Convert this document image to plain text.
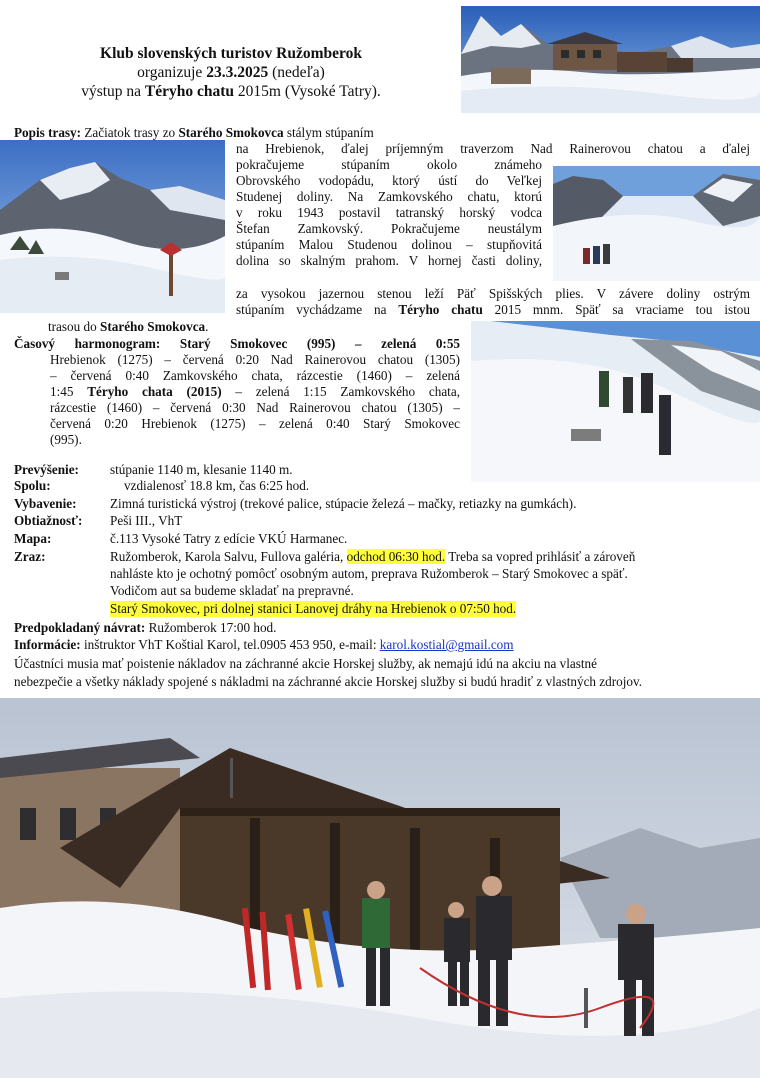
Klub slovenských turistov Ružomberok
organizuje 23.3.2025 (nedeľa)
výstup na Téryho chatu 2015m (Vysoké Tatry).
Popis trasy: Začiatok trasy zo Starého Smokovca stálym stúpaním
na Hrebienok, ďalej príjemným traverzom Nad Rainerovou chatou a ďalej
pokračujeme stúpaním okolo známeho
Obrovského vodopádu, ktorý ústí do Veľkej
Studenej doliny. Na Zamkovského chatu, ktorú
v roku 1943 postavil tatranský horský vodca
Štefan Zamkovský. Pokračujeme neustálym
stúpaním Malou Studenou dolinou – stupňovitá
dolina so skalným prahom. V hornej časti doliny,
za vysokou jazernou stenou leží Päť Spišských plies. V závere doliny ostrým
stúpaním vychádzame na Téryho chatu 2015 mnm. Späť sa vraciame tou istou
trasou do Starého Smokovca.
Časový harmonogram: Starý Smokovec (995) – zelená 0:55
Hrebienok (1275) – červená 0:20 Nad Rainerovou chatou (1305)
– červená 0:40 Zamkovského chata, rázcestie (1460) – zelená
1:45 Téryho chata (2015) – zelená 1:15 Zamkovského chata,
rázcestie (1460) – červená 0:30 Nad Rainerovou chatou (1305) –
červená 0:20 Hrebienok (1275) – zelená 0:40 Starý Smokovec
(995).
Prevýšenie: stúpanie 1140 m, klesanie 1140 m.
Spolu:	vzdialenosť 18.8 km, čas 6:25 hod.
Vybavenie:	Zimná turistická výstroj (trekové palice, stúpacie železá – mačky, retiazky na gumkách).
Obtiažnosť: Peši III., VhT
Mapa:	č.113 Vysoké Tatry z edície VKÚ Harmanec.
Zraz:	Ružomberok, Karola Salvu, Fullova galéria, odchod 06:30 hod. Treba sa vopred prihlásiť a zároveň
nahláste kto je ochotný pomôcť osobným autom, preprava Ružomberok – Starý Smokovec a späť.
Vodičom aut sa budeme skladať na prepravné.
Starý Smokovec, pri dolnej stanici Lanovej dráhy na Hrebienok o 07:50 hod.
Predpokladaný návrat: Ružomberok 17:00 hod.
Informácie: inštruktor VhT Koštial Karol, tel.0905 453 950, e-mail: karol.kostial@gmail.com
Účastníci musia mať poistenie nákladov na záchranné akcie Horskej služby, ak nemajú idú na akciu na vlastné
nebezpečie a všetky náklady spojené s nákladmi na záchranné akcie Horskej služby si budú hradiť z vlastných zdrojov.
